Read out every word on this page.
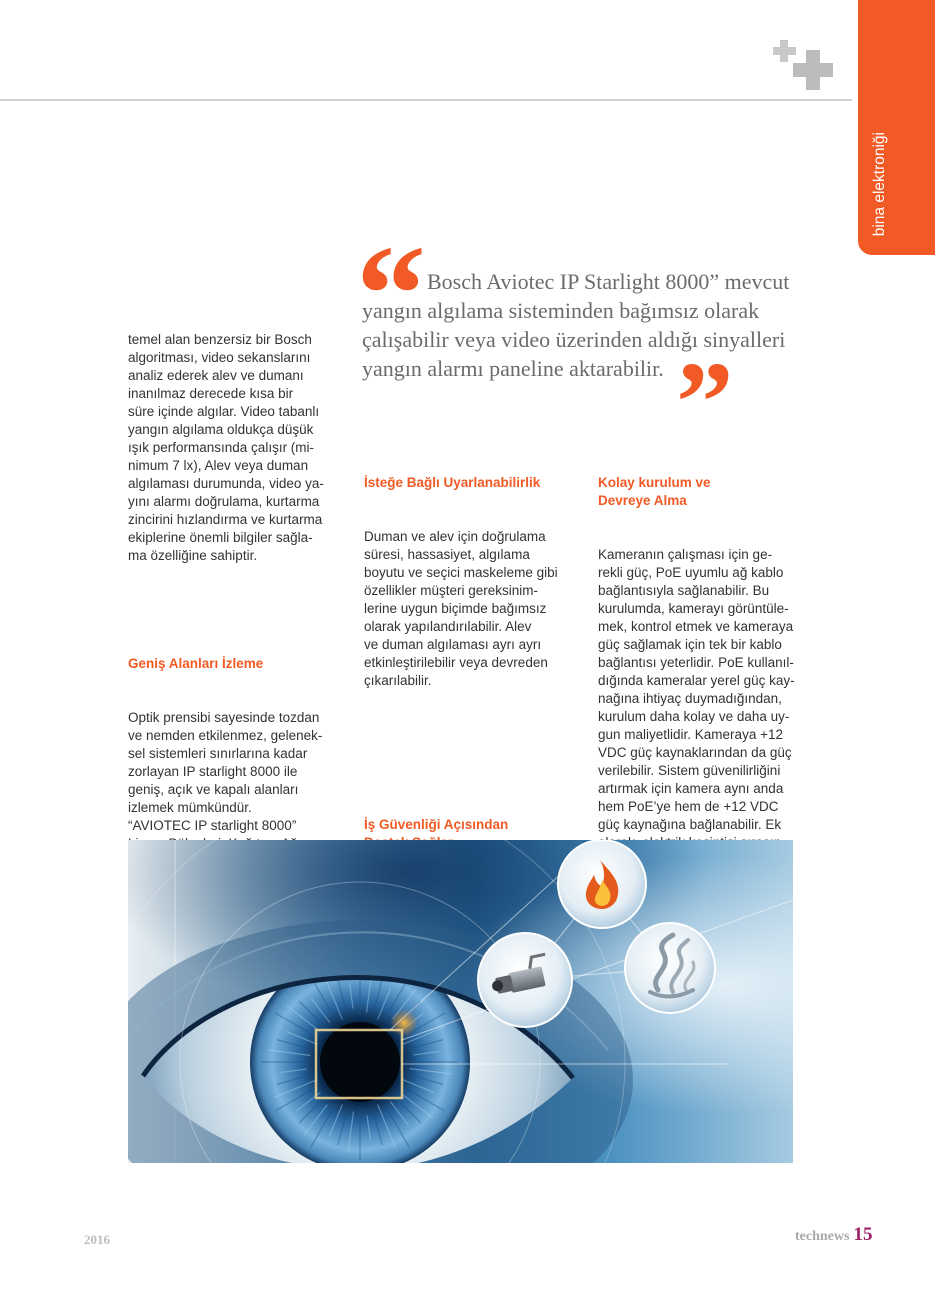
bina elektroniği
“ Bosch Aviotec IP Starlight 8000” mevcut
yangın algılama sisteminden bağımsız olarak
çalışabilir veya video üzerinden aldığı sinyalleri
yangın alarmı paneline aktarabilir. ”

temel alan benzersiz bir Bosch
algoritması, video sekanslarını
analiz ederek alev ve dumanı
inanılmaz derecede kısa bir
süre içinde algılar. Video tabanlı
yangın algılama oldukça düşük
ışık performansında çalışır (mi-
nimum 7 lx), Alev veya duman
algılaması durumunda, video ya-
yını alarmı doğrulama, kurtarma
zincirini hızlandırma ve kurtarma
ekiplerine önemli bilgiler sağla-
ma özelliğine sahiptir.

Geniş Alanları İzleme

Optik prensibi sayesinde tozdan
ve nemden etkilenmez, gelenek-
sel sistemleri sınırlarına kadar
zorlayan IP starlight 8000 ile
geniş, açık ve kapalı alanları
izlemek mümkündür.
“AVIOTEC IP starlight 8000”

İsteğe Bağlı Uyarlanabilirlik

Duman ve alev için doğrulama
süresi, hassasiyet, algılama
boyutu ve seçici maskeleme gibi
özellikler müşteri gereksinim-
lerine uygun biçimde bağımsız
olarak yapılandırılabilir. Alev
ve duman algılaması ayrı ayrı
etkinleştirilebilir veya devreden
çıkarılabilir.

İş Güvenliği Açısından

Kolay kurulum ve
Devreye Alma

Kameranın çalışması için ge-
rekli güç, PoE uyumlu ağ kablo
bağlantısıyla sağlanabilir. Bu
kurulumda, kamerayı görüntüle-
mek, kontrol etmek ve kameraya
güç sağlamak için tek bir kablo
bağlantısı yeterlidir. PoE kullanıl-
dığında kameralar yerel güç kay-
nağına ihtiyaç duymadığından,
kurulum daha kolay ve daha uy-
gun maliyetlidir. Kameraya +12
VDC güç kaynaklarından da güç
verilebilir. Sistem güvenilirliğini
artırmak için kamera aynı anda
hem PoE’ye hem de +12 VDC
güç kaynağına bağlanabilir. Ek

2016	technews 15
